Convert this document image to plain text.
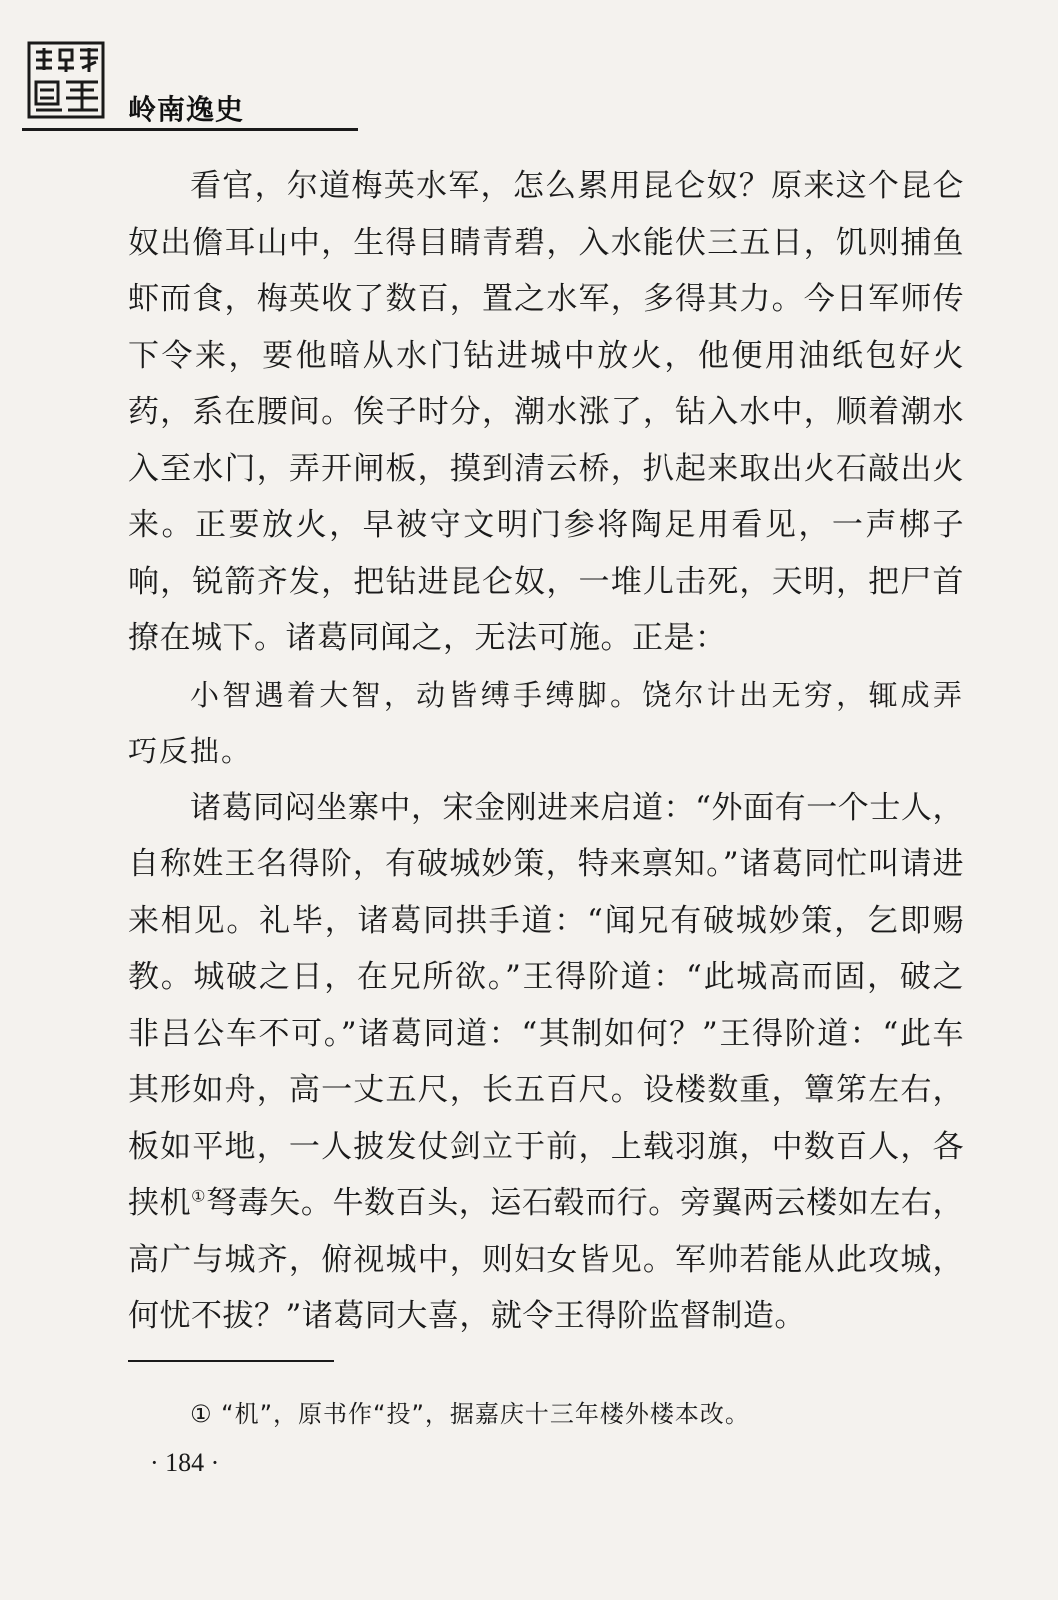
岭南逸史

看官，尔道梅英水军，怎么累用昆仑奴？原来这个昆仑奴出儋耳山中，生得目睛青碧，入水能伏三五日，饥则捕鱼虾而食，梅英收了数百，置之水军，多得其力。今日军师传下令来，要他暗从水门钻进城中放火，他便用油纸包好火药，系在腰间。俟子时分，潮水涨了，钻入水中，顺着潮水入至水门，弄开闸板，摸到清云桥，扒起来取出火石敲出火来。正要放火，早被守文明门参将陶足用看见，一声梆子响，锐箭齐发，把钻进昆仑奴，一堆儿击死，天明，把尸首撩在城下。诸葛同闻之，无法可施。正是：

小智遇着大智，动皆缚手缚脚。饶尔计出无穷，辄成弄巧反拙。

诸葛同闷坐寨中，宋金刚进来启道：“外面有一个士人，自称姓王名得阶，有破城妙策，特来禀知。”诸葛同忙叫请进来相见。礼毕，诸葛同拱手道：“闻兄有破城妙策，乞即赐教。城破之日，在兄所欲。”王得阶道：“此城高而固，破之非吕公车不可。”诸葛同道：“其制如何？”王得阶道：“此车其形如舟，高一丈五尺，长五百尺。设楼数重，簟笫左右，板如平地，一人披发仗剑立于前，上载羽旗，中数百人，各挟机①弩毒矢。牛数百头，运石毂而行。旁翼两云楼如左右，高广与城齐，俯视城中，则妇女皆见。军帅若能从此攻城，何忧不拔？”诸葛同大喜，就令王得阶监督制造。

① “机”，原书作“投”，据嘉庆十三年楼外楼本改。
· 184 ·
